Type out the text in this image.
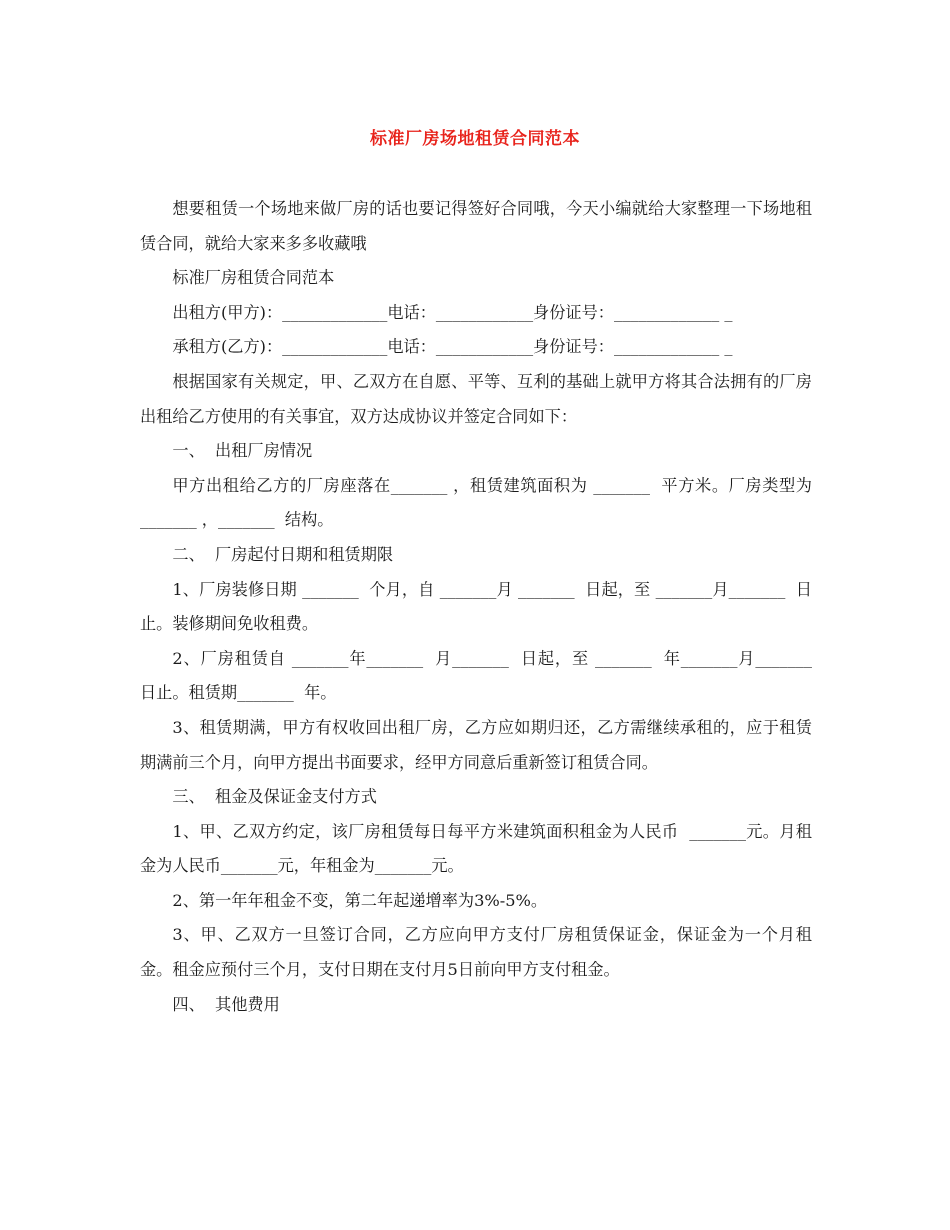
标准厂房场地租赁合同范本

想要租赁一个场地来做厂房的话也要记得签好合同哦，今天小编就给大家整理一下场地租赁合同，就给大家来多多收藏哦

标准厂房租赁合同范本

出租方(甲方)：_____________电话：____________身份证号：_____________ _

承租方(乙方)：_____________电话：____________身份证号：_____________ _

根据国家有关规定，甲、乙双方在自愿、平等、互利的基础上就甲方将其合法拥有的厂房出租给乙方使用的有关事宜，双方达成协议并签定合同如下：

一、  出租厂房情况

甲方出租给乙方的厂房座落在_______ ，租赁建筑面积为 _______  平方米。厂房类型为 _______ ，_______  结构。

二、  厂房起付日期和租赁期限

1、厂房装修日期 _______  个月，自 _______月 _______  日起，至 _______月_______  日止。装修期间免收租费。

2、厂房租赁自 _______年_______  月_______  日起，至 _______  年_______月_______  日止。租赁期_______  年。

3、租赁期满，甲方有权收回出租厂房，乙方应如期归还，乙方需继续承租的，应于租赁期满前三个月，向甲方提出书面要求，经甲方同意后重新签订租赁合同。

三、  租金及保证金支付方式

1、甲、乙双方约定，该厂房租赁每日每平方米建筑面积租金为人民币  _______元。月租金为人民币_______元，年租金为_______元。

2、第一年年租金不变，第二年起递增率为3%-5%。

3、甲、乙双方一旦签订合同，乙方应向甲方支付厂房租赁保证金，保证金为一个月租金。租金应预付三个月，支付日期在支付月5日前向甲方支付租金。

四、  其他费用
